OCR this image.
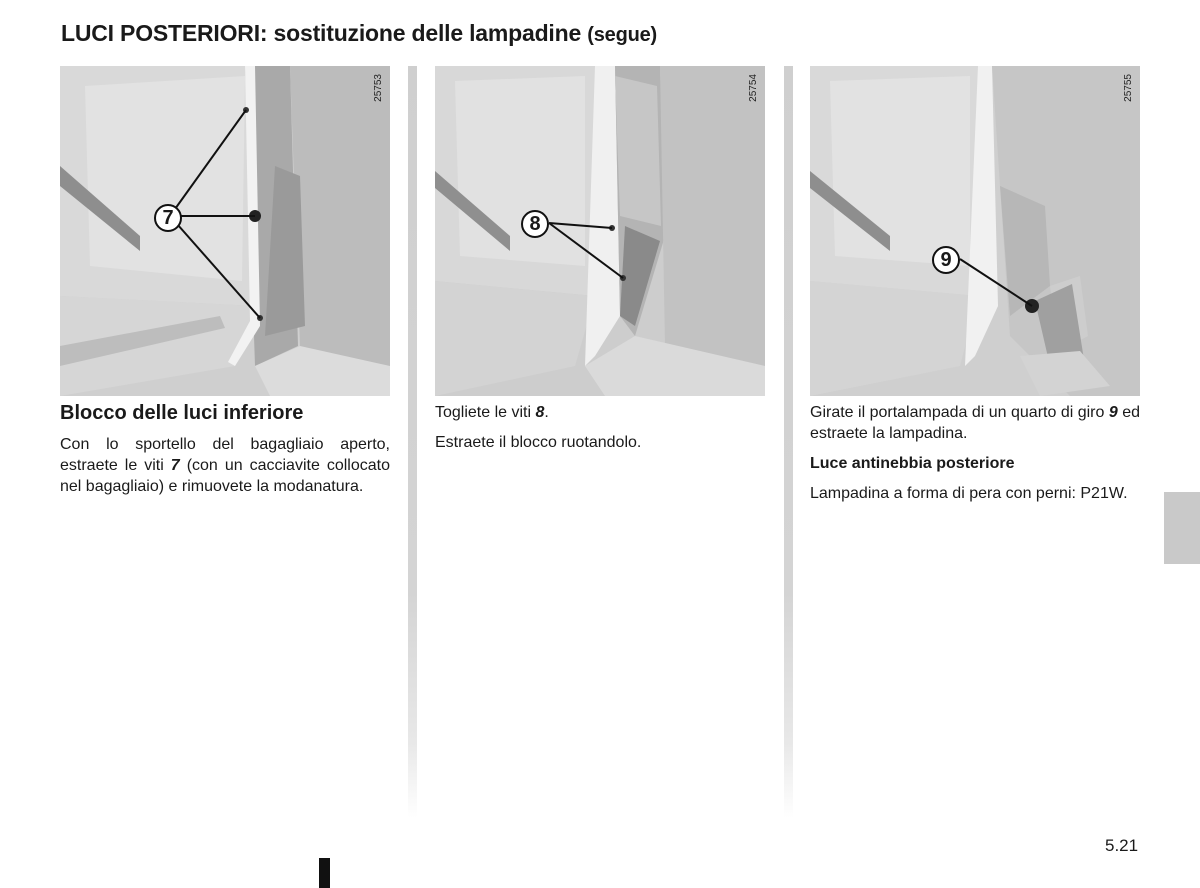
LUCI POSTERIORI: sostituzione delle lampadine (segue)
7
25753
8
25754
9
25755
Blocco delle luci inferiore

Con lo sportello del bagagliaio aperto, estraete le viti 7 (con un cacciavite collocato nel bagagliaio) e rimuovete la modanatura.

Togliete le viti 8.

Estraete il blocco ruotandolo.

Girate il portalampada di un quarto di giro 9 ed estraete la lampadina.

Luce antinebbia posteriore

Lampadina a forma di pera con perni: P21W.

5.21
